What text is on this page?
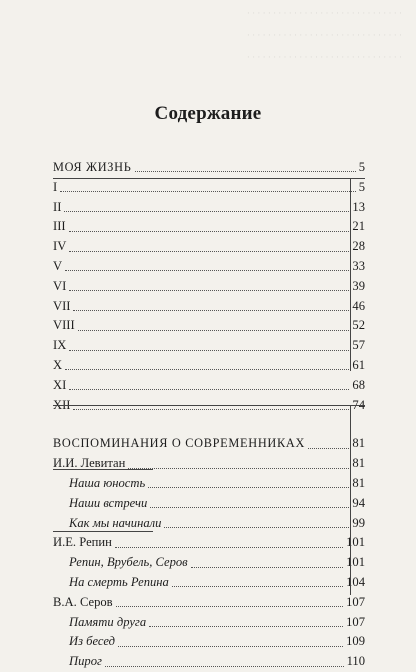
· · · · · · · · · · · · · · · · · · · · · · · · · · · · · ·
· · · · · · · · · · · · · · · · · · · · · · · · · · · · · ·
· · · · · · · · · · · · · · · · · · · · · · · · · · · · · ·
Содержание
МОЯ ЖИЗНЬ	5
I	5
II	13
III	21
IV	28
V	33
VI	39
VII	46
VIII	52
IX	57
X	61
XI	68
XII	74
ВОСПОМИНАНИЯ О СОВРЕМЕННИКАХ	81
И.И. Левитан	81
Наша юность	81
Наши встречи	94
Как мы начинали	99
И.Е. Репин	101
Репин, Врубель, Серов	101
На смерть Репина	104
В.А. Серов	107
Памяти друга	107
Из бесед	109
Пирог	110
